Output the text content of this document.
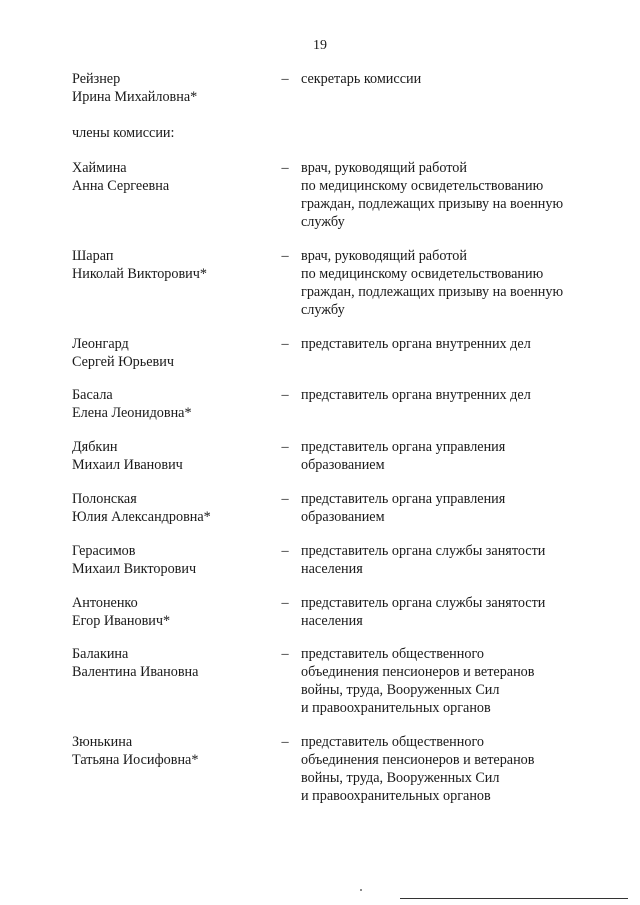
19
Рейзнер
Ирина Михайловна*
– секретарь комиссии
члены комиссии:
Хаймина
Анна Сергеевна
– врач, руководящий работой
по медицинскому освидетельствованию
граждан, подлежащих призыву на военную
службу
Шарап
Николай Викторович*
– врач, руководящий работой
по медицинскому освидетельствованию
граждан, подлежащих призыву на военную
службу
Леонгард
Сергей Юрьевич
– представитель органа внутренних дел
Басала
Елена Леонидовна*
– представитель органа внутренних дел
Дябкин
Михаил Иванович
– представитель органа управления
образованием
Полонская
Юлия Александровна*
– представитель органа управления
образованием
Герасимов
Михаил Викторович
– представитель органа службы занятости
населения
Антоненко
Егор Иванович*
– представитель органа службы занятости
населения
Балакина
Валентина Ивановна
– представитель общественного
объединения пенсионеров и ветеранов
войны, труда, Вооруженных Сил
и правоохранительных органов
Зюнькина
Татьяна Иосифовна*
– представитель общественного
объединения пенсионеров и ветеранов
войны, труда, Вооруженных Сил
и правоохранительных органов
